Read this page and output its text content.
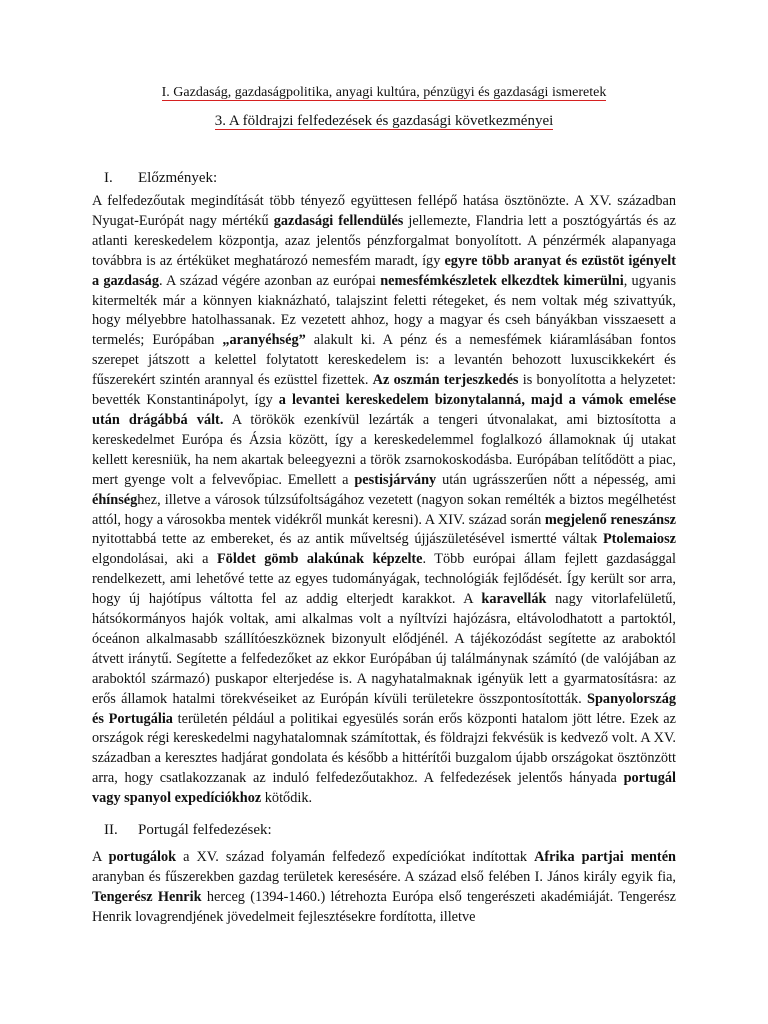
I. Gazdaság, gazdaságpolitika, anyagi kultúra, pénzügyi és gazdasági ismeretek

3. A földrajzi felfedezések és gazdasági következményei

I. Előzmények:

A felfedezőutak megindítását több tényező együttesen fellépő hatása ösztönözte. A XV. században Nyugat-Európát nagy mértékű gazdasági fellendülés jellemezte, Flandria lett a posztógyártás és az atlanti kereskedelem központja, azaz jelentős pénzforgalmat bonyolított. A pénzérmék alapanyaga továbbra is az értéküket meghatározó nemesfém maradt, így egyre több aranyat és ezüstöt igényelt a gazdaság. A század végére azonban az európai nemesfémkészletek elkezdtek kimerülni, ugyanis kitermelték már a könnyen kiaknázható, talajszint feletti rétegeket, és nem voltak még szivattyúk, hogy mélyebbre hatolhassanak. Ez vezetett ahhoz, hogy a magyar és cseh bányákban visszaesett a termelés; Európában „aranyéhség” alakult ki. A pénz és a nemesfémek kiáramlásában fontos szerepet játszott a kelettel folytatott kereskedelem is: a levantén behozott luxuscikkekért és fűszerekért szintén arannyal és ezüsttel fizettek. Az oszmán terjeszkedés is bonyolította a helyzetet: bevették Konstantinápolyt, így a levantei kereskedelem bizonytalanná, majd a vámok emelése után drágábbá vált. A törökök ezenkívül lezárták a tengeri útvonalakat, ami biztosította a kereskedelmet Európa és Ázsia között, így a kereskedelemmel foglalkozó államoknak új utakat kellett keresniük, ha nem akartak beleegyezni a török zsarnokoskodásba. Európában telítődött a piac, mert gyenge volt a felvevőpiac. Emellett a pestisjárvány után ugrásszerűen nőtt a népesség, ami éhínséghez, illetve a városok túlzsúfoltságához vezetett (nagyon sokan remélték a biztos megélhetést attól, hogy a városokba mentek vidékről munkát keresni). A XIV. század során megjelenő reneszánsz nyitottabbá tette az embereket, és az antik műveltség újjászületésével ismertté váltak Ptolemaiosz elgondolásai, aki a Földet gömb alakúnak képzelte. Több európai állam fejlett gazdasággal rendelkezett, ami lehetővé tette az egyes tudományágak, technológiák fejlődését. Így került sor arra, hogy új hajótípus váltotta fel az addig elterjedt karakkot. A karavellák nagy vitorlafelületű, hátsókormányos hajók voltak, ami alkalmas volt a nyíltvízi hajózásra, eltávolodhatott a partoktól, óceánon alkalmasabb szállítóeszköznek bizonyult elődjénél. A tájékozódást segítette az araboktól átvett iránytű. Segítette a felfedezőket az ekkor Európában új találmánynak számító (de valójában az araboktól származó) puskapor elterjedése is. A nagyhatalmaknak igényük lett a gyarmatosításra: az erős államok hatalmi törekvéseiket az Európán kívüli területekre összpontosították. Spanyolország és Portugália területén például a politikai egyesülés során erős központi hatalom jött létre. Ezek az országok régi kereskedelmi nagyhatalomnak számítottak, és földrajzi fekvésük is kedvező volt. A XV. században a keresztes hadjárat gondolata és később a hittérítői buzgalom újabb országokat ösztönzött arra, hogy csatlakozzanak az induló felfedezőutakhoz. A felfedezések jelentős hányada portugál vagy spanyol expedíciókhoz kötődik.

II. Portugál felfedezések:

A portugálok a XV. század folyamán felfedező expedíciókat indítottak Afrika partjai mentén aranyban és fűszerekben gazdag területek keresésére. A század első felében I. János király egyik fia, Tengerész Henrik herceg (1394-1460.) létrehozta Európa első tengerészeti akadémiáját. Tengerész Henrik lovagrendjének jövedelmeit fejlesztésekre fordította, illetve
